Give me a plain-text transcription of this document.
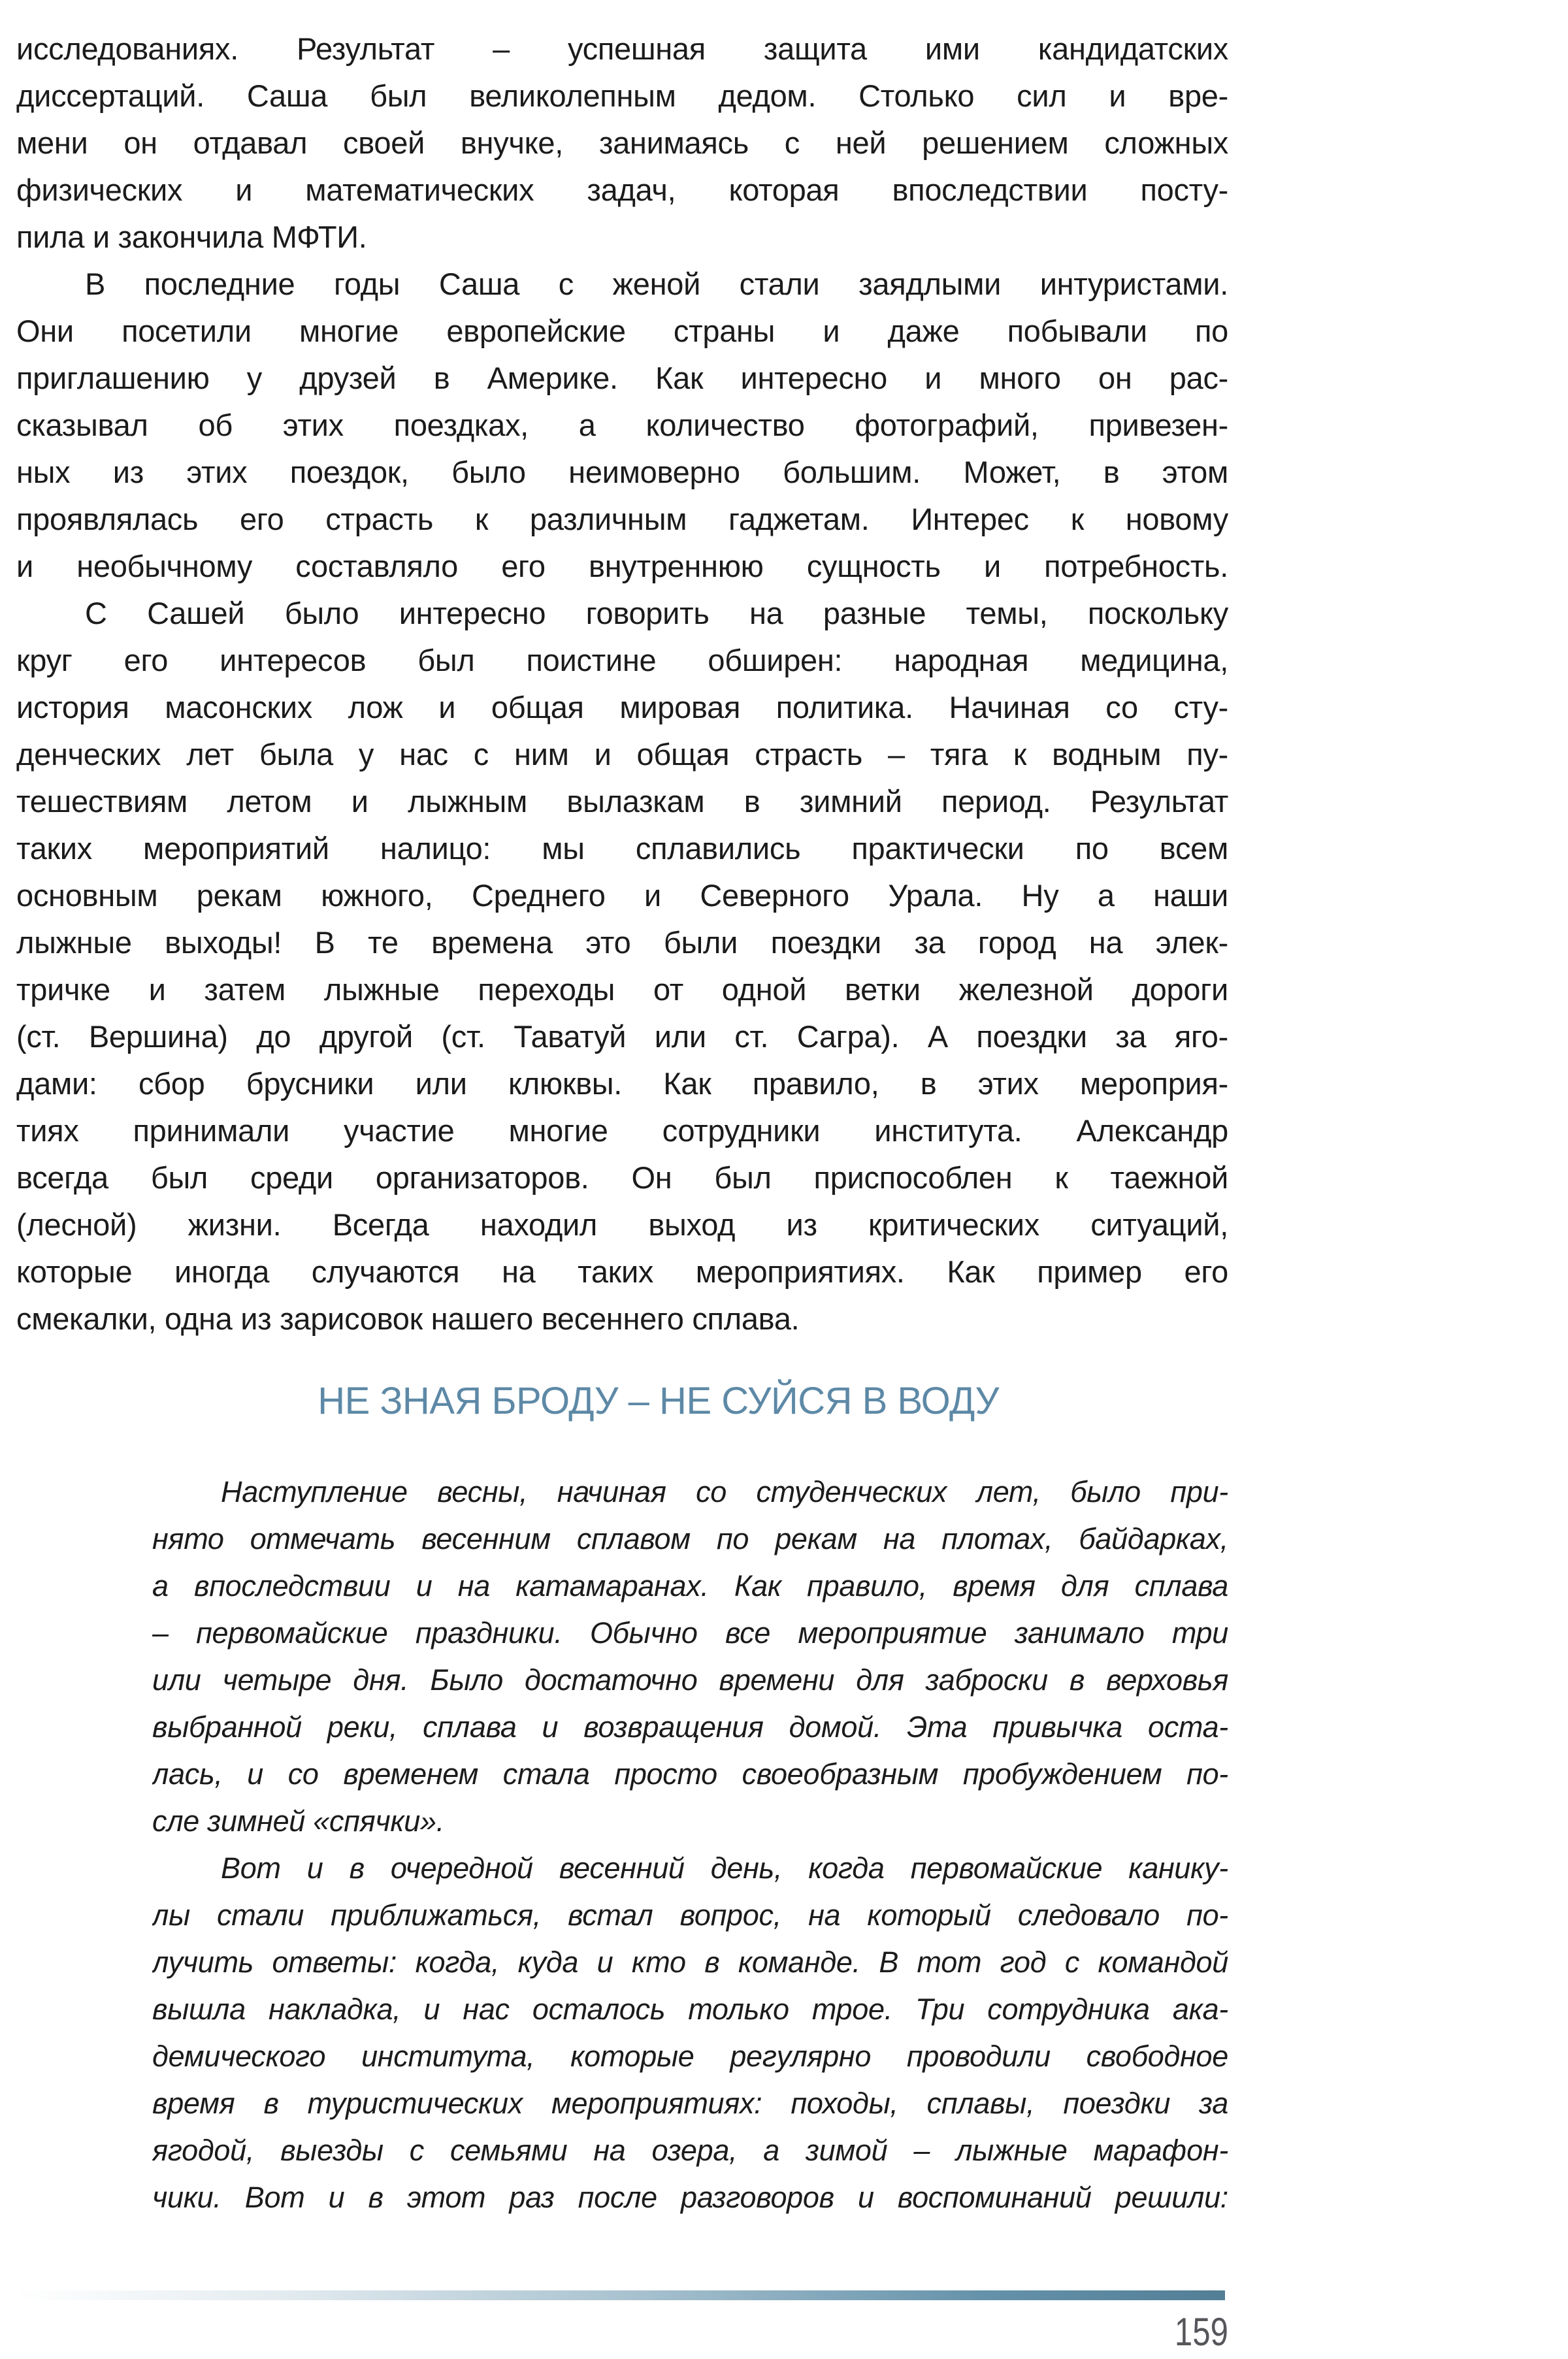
исследованиях. Результат – успешная защита ими кандидатских
диссертаций. Саша был великолепным дедом. Столько сил и вре-
мени он отдавал своей внучке, занимаясь с ней решением сложных
физических и математических задач, которая впоследствии посту-
пила и закончила МФТИ.
В последние годы Саша с женой стали заядлыми интуристами.
Они посетили многие европейские страны и даже побывали по
приглашению у друзей в Америке. Как интересно и много он рас-
сказывал об этих поездках, а количество фотографий, привезен-
ных из этих поездок, было неимоверно большим. Может, в этом
проявлялась его страсть к различным гаджетам. Интерес к новому
и необычному составляло его внутреннюю сущность и потребность.
С Сашей было интересно говорить на разные темы, поскольку
круг его интересов был поистине обширен: народная медицина,
история масонских лож и общая мировая политика. Начиная со сту-
денческих лет была у нас с ним и общая страсть – тяга к водным пу-
тешествиям летом и лыжным вылазкам в зимний период. Результат
таких мероприятий налицо: мы сплавились практически по всем
основным рекам южного, Среднего и Северного Урала. Ну а наши
лыжные выходы! В те времена это были поездки за город на элек-
тричке и затем лыжные переходы от одной ветки железной дороги
(ст. Вершина) до другой (ст. Таватуй или ст. Сагра). А поездки за яго-
дами: сбор брусники или клюквы. Как правило, в этих мероприя-
тиях принимали участие многие сотрудники института. Александр
всегда был среди организаторов. Он был приспособлен к таежной
(лесной) жизни. Всегда находил выход из критических ситуаций,
которые иногда случаются на таких мероприятиях. Как пример его
смекалки, одна из зарисовок нашего весеннего сплава.
НЕ ЗНАЯ БРОДУ – НЕ СУЙСЯ В ВОДУ
Наступление весны, начиная со студенческих лет, было при-
нято отмечать весенним сплавом по рекам на плотах, байдарках,
а впоследствии и на катамаранах. Как правило, время для сплава
– первомайские праздники. Обычно все мероприятие занимало три
или четыре дня. Было достаточно времени для заброски в верховья
выбранной реки, сплава и возвращения домой. Эта привычка оста-
лась, и со временем стала просто своеобразным пробуждением по-
сле зимней «спячки».
Вот и в очередной весенний день, когда первомайские канику-
лы стали приближаться, встал вопрос, на который следовало по-
лучить ответы: когда, куда и кто в команде. В тот год с командой
вышла накладка, и нас осталось только трое. Три сотрудника ака-
демического института, которые регулярно проводили свободное
время в туристических мероприятиях: походы, сплавы, поездки за
ягодой, выезды с семьями на озера, а зимой – лыжные марафон-
чики. Вот и в этот раз после разговоров и воспоминаний решили:
159
